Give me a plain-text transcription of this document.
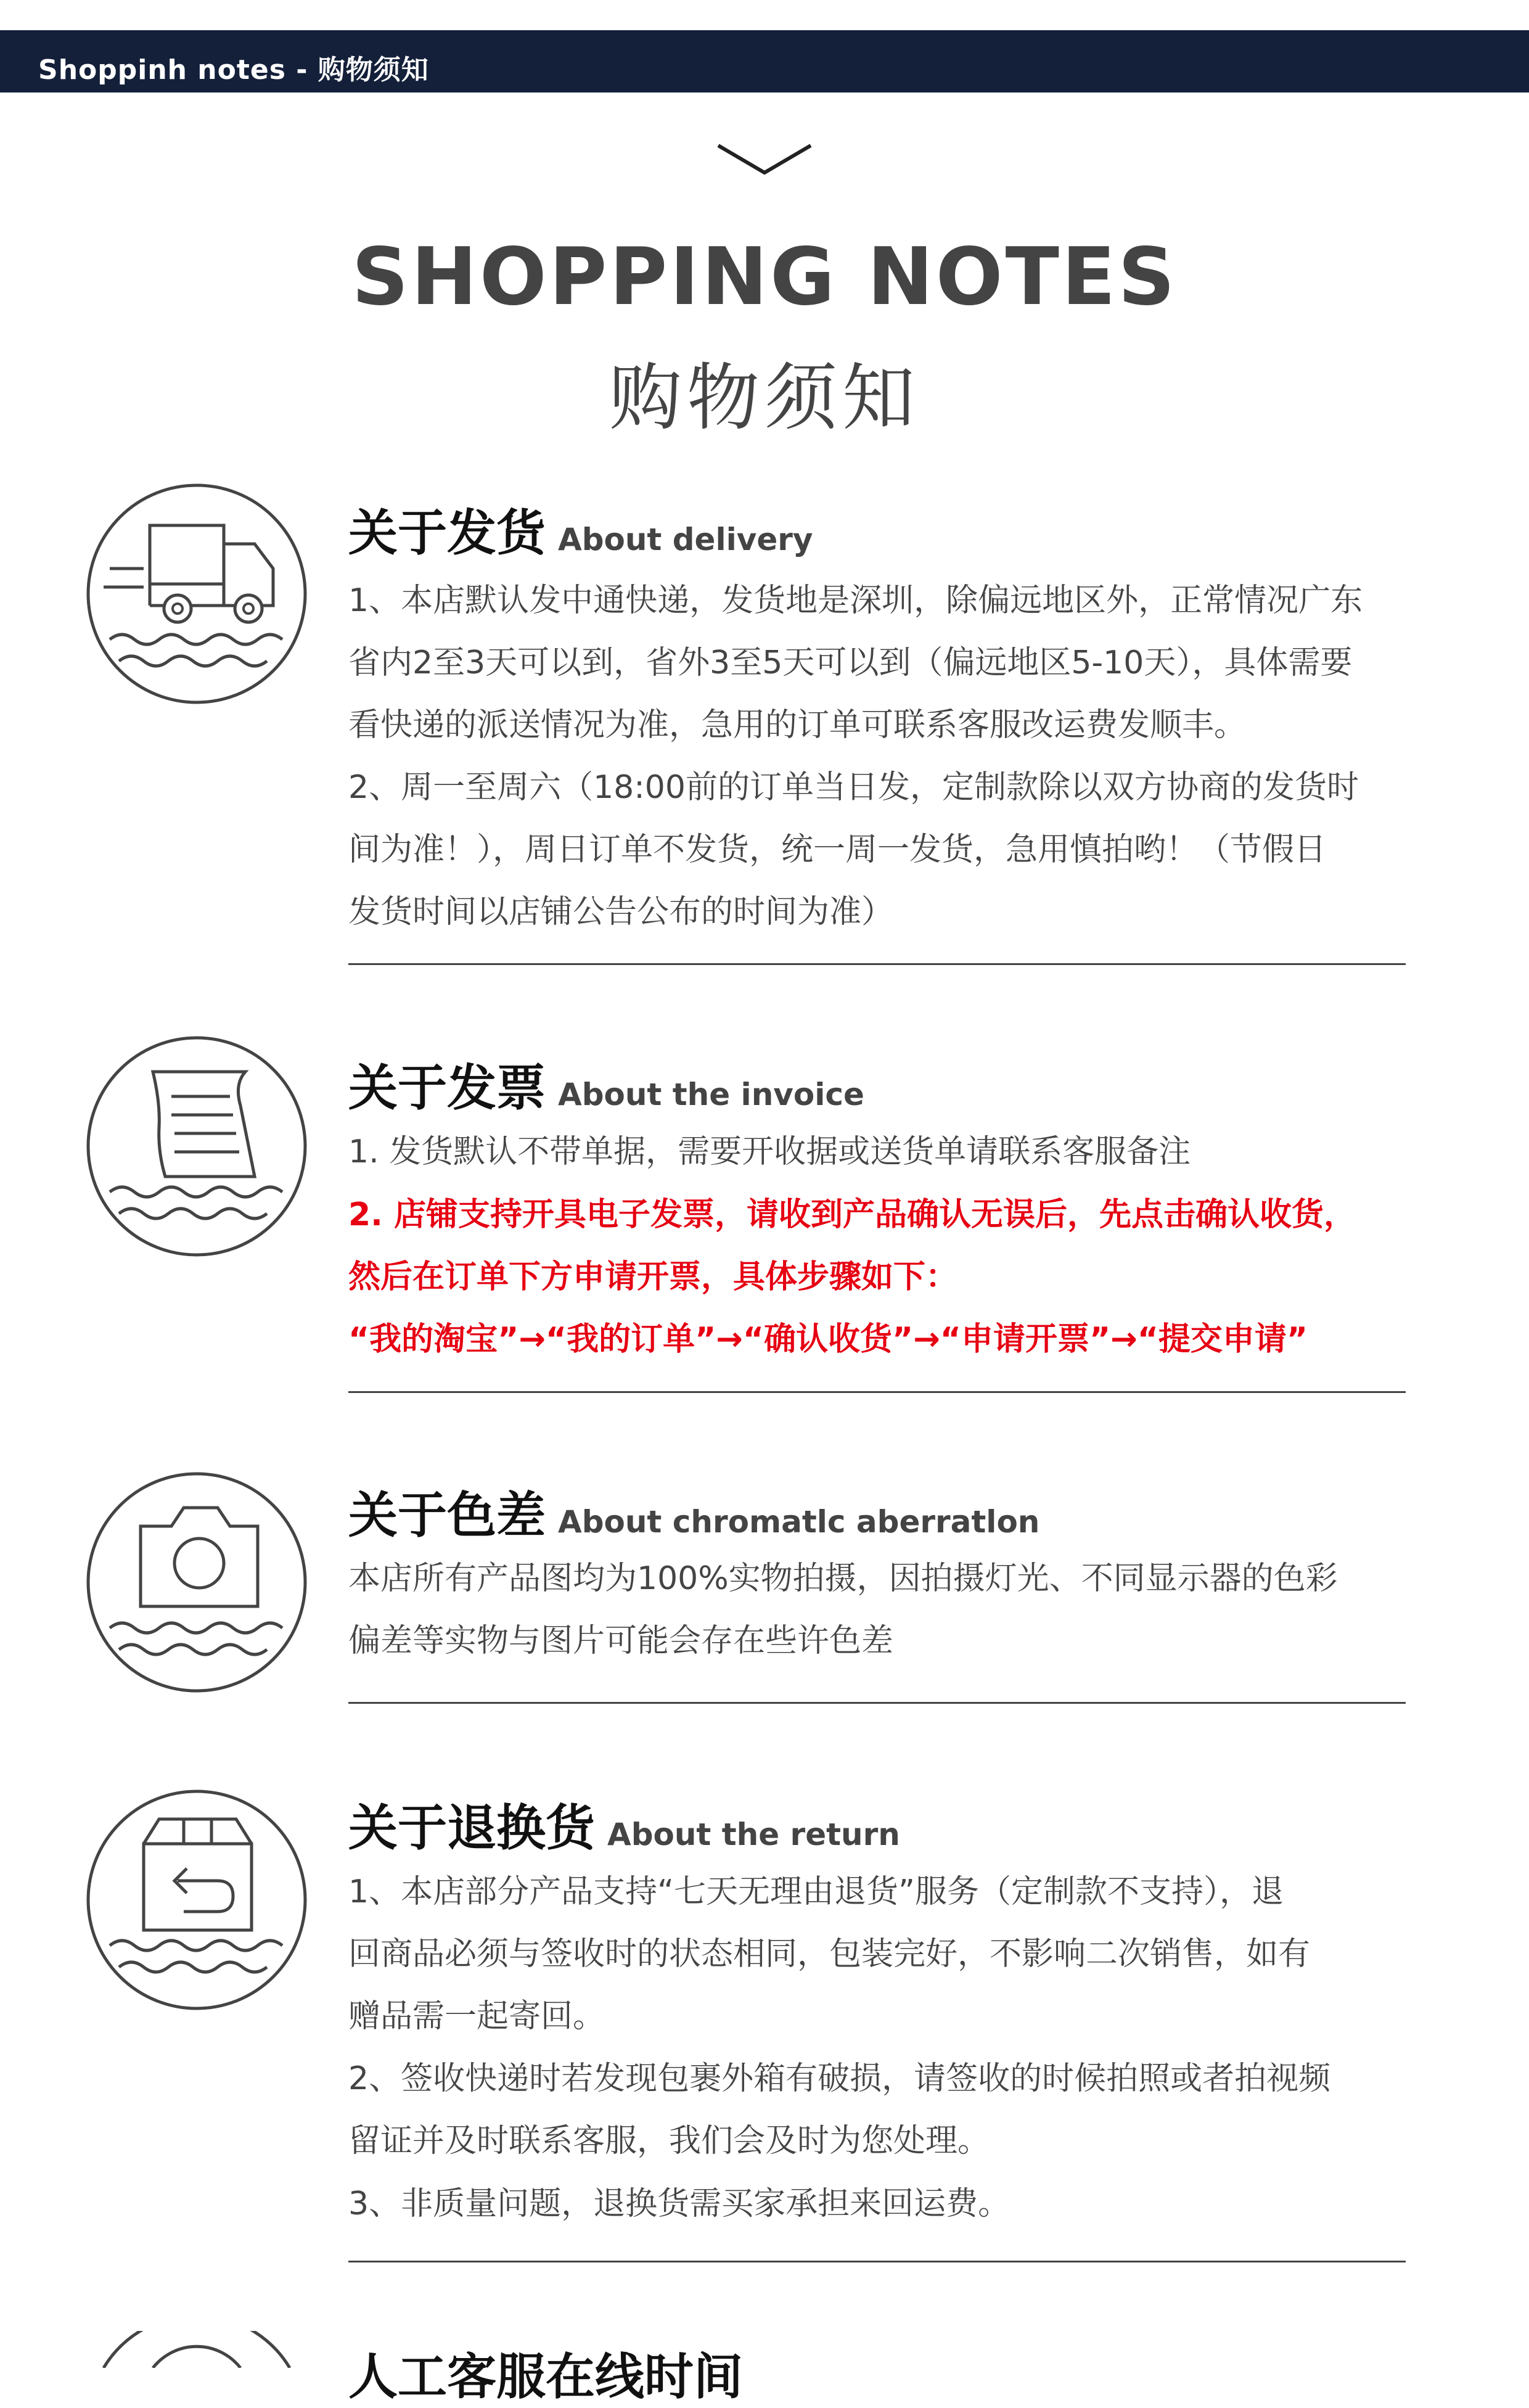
Shoppinh notes - 购物须知
SHOPPING NOTES
购物须知
关于发货 About delivery

1、本店默认发中通快递，发货地是深圳，除偏远地区外，正常情况广东
省内2至3天可以到，省外3至5天可以到（偏远地区5-10天），具体需要
看快递的派送情况为准，急用的订单可联系客服改运费发顺丰。

2、周一至周六（18:00前的订单当日发，定制款除以双方协商的发货时
间为准！），周日订单不发货，统一周一发货，急用慎拍哟！（节假日
发货时间以店铺公告公布的时间为准）

关于发票 About the invoice

1. 发货默认不带单据，需要开收据或送货单请联系客服备注

2. 店铺支持开具电子发票，请收到产品确认无误后，先点击确认收货，
然后在订单下方申请开票，具体步骤如下：

“我的淘宝”→“我的订单”→“确认收货”→“申请开票”→“提交申请”

关于色差 About chromatlc aberratlon

本店所有产品图均为100%实物拍摄，因拍摄灯光、不同显示器的色彩
偏差等实物与图片可能会存在些许色差

关于退换货 About the return

1、本店部分产品支持“七天无理由退货”服务（定制款不支持），退
回商品必须与签收时的状态相同，包装完好，不影响二次销售，如有
赠品需一起寄回。

2、签收快递时若发现包裹外箱有破损，请签收的时候拍照或者拍视频
留证并及时联系客服，我们会及时为您处理。

3、非质量问题，退换货需买家承担来回运费。

人工客服在线时间
